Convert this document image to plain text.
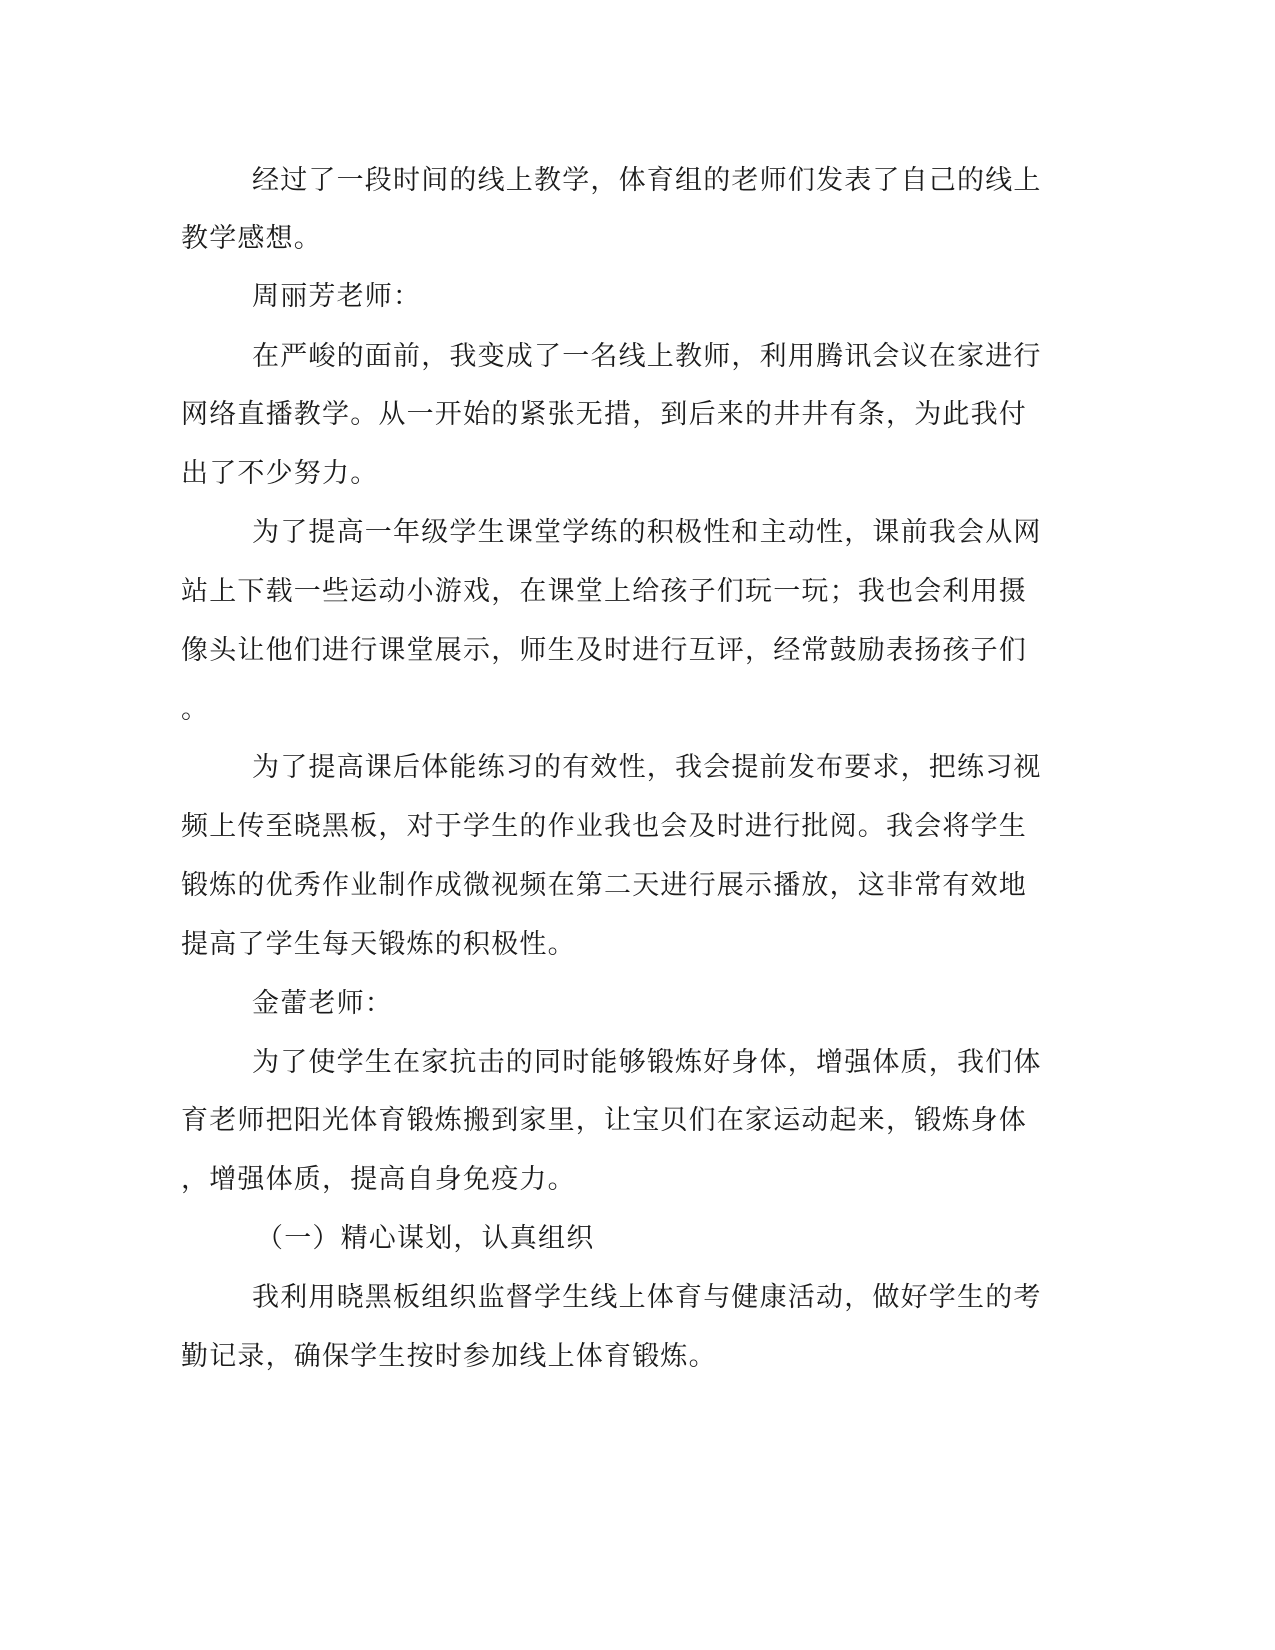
经过了一段时间的线上教学，体育组的老师们发表了自己的线上

教学感想。

周丽芳老师：

在严峻的面前，我变成了一名线上教师，利用腾讯会议在家进行

网络直播教学。从一开始的紧张无措，到后来的井井有条，为此我付

出了不少努力。

为了提高一年级学生课堂学练的积极性和主动性，课前我会从网

站上下载一些运动小游戏，在课堂上给孩子们玩一玩；我也会利用摄

像头让他们进行课堂展示，师生及时进行互评，经常鼓励表扬孩子们

。

为了提高课后体能练习的有效性，我会提前发布要求，把练习视

频上传至晓黑板，对于学生的作业我也会及时进行批阅。我会将学生

锻炼的优秀作业制作成微视频在第二天进行展示播放，这非常有效地

提高了学生每天锻炼的积极性。

金蕾老师：

为了使学生在家抗击的同时能够锻炼好身体，增强体质，我们体

育老师把阳光体育锻炼搬到家里，让宝贝们在家运动起来，锻炼身体

，增强体质，提高自身免疫力。

（一）精心谋划，认真组织

我利用晓黑板组织监督学生线上体育与健康活动，做好学生的考

勤记录，确保学生按时参加线上体育锻炼。
